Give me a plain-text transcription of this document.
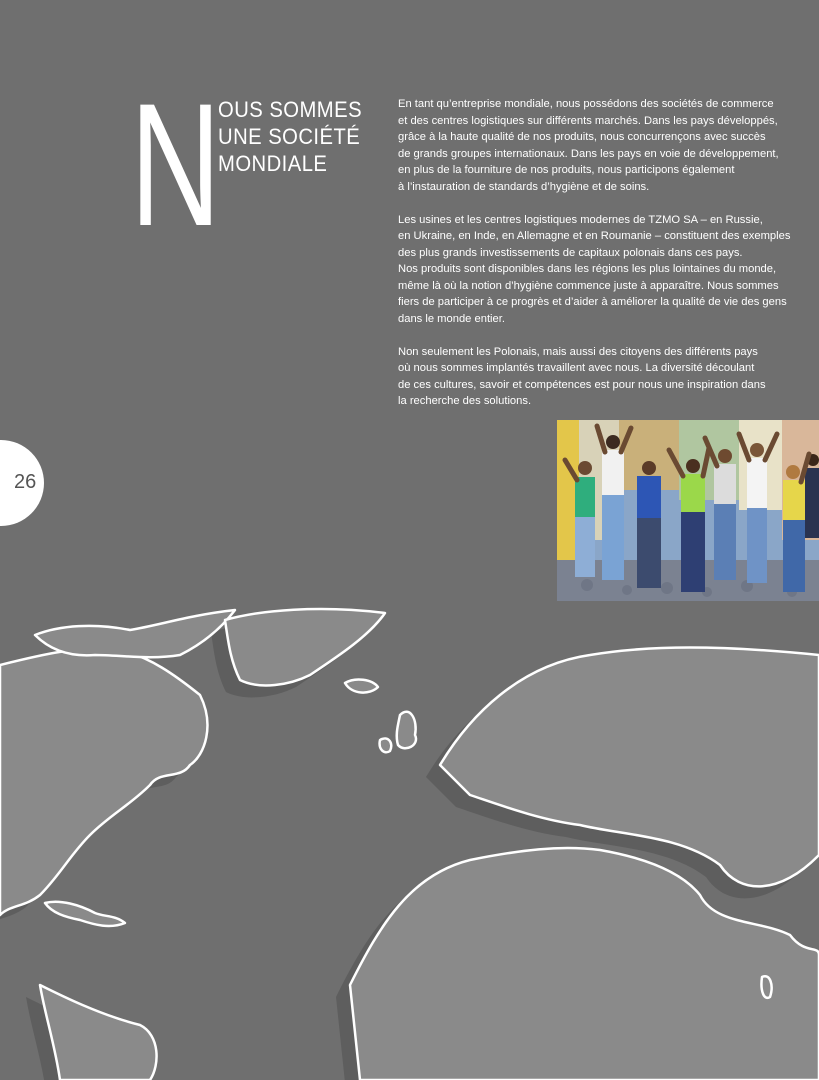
N
OUS SOMMES
UNE SOCIÉTÉ
MONDIALE

En tant qu’entreprise mondiale, nous possédons des sociétés de commerce
et des centres logistiques sur différents marchés. Dans les pays développés,
grâce à la haute qualité de nos produits, nous concurrençons avec succès
de grands groupes internationaux. Dans les pays en voie de développement,
en plus de la fourniture de nos produits, nous participons également
à l’instauration de standards d’hygiène et de soins.

Les usines et les centres logistiques modernes de TZMO SA – en Russie,
en Ukraine, en Inde, en Allemagne et en Roumanie – constituent des exemples
des plus grands investissements de capitaux polonais dans ces pays.
Nos produits sont disponibles dans les régions les plus lointaines du monde,
même là où la notion d’hygiène commence juste à apparaître. Nous sommes
fiers de participer à ce progrès et d’aider à améliorer la qualité de vie des gens
dans le monde entier.

Non seulement les Polonais, mais aussi des citoyens des différents pays
où nous sommes implantés travaillent avec nous. La diversité découlant
de ces cultures, savoir et compétences est pour nous une inspiration dans
la recherche des solutions.

26
